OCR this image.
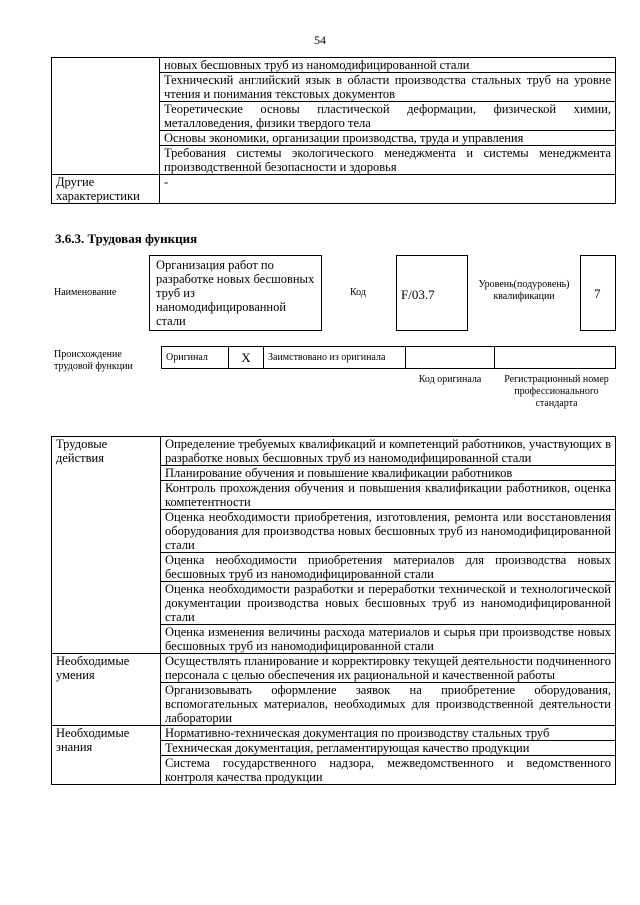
54
	новых бесшовных труб из наномодифицированной стали
	Технический английский язык в области производства стальных труб на уровне чтения и понимания текстовых документов
	Теоретические основы пластической деформации, физической химии, металловедения, физики твердого тела
	Основы экономики, организации производства, труда и управления
	Требования системы экологического менеджмента и системы менеджмента производственной безопасности и здоровья
Другие характеристики	-
3.6.3. Трудовая функция
Наименование
Организация работ по разработке новых бесшовных труб из наномодифицированной стали
Код	F/03.7
Уровень(подуровень) квалификации	7
Происхождение трудовой функции
Оригинал	X	Заимствовано из оригинала		
Код оригинала	Регистрационный номер профессионального стандарта
Трудовые действия	Определение требуемых квалификаций и компетенций работников, участвующих в разработке новых бесшовных труб из наномодифицированной стали
	Планирование обучения и повышение квалификации работников
	Контроль прохождения обучения и повышения квалификации работников, оценка компетентности
	Оценка необходимости приобретения, изготовления, ремонта или восстановления оборудования для производства новых бесшовных труб из наномодифицированной стали
	Оценка необходимости приобретения материалов для производства новых бесшовных труб из наномодифицированной стали
	Оценка необходимости разработки и переработки технической и технологической документации производства новых бесшовных труб из наномодифицированной стали
	Оценка изменения величины расхода материалов и сырья при производстве новых бесшовных труб из наномодифицированной стали
Необходимые умения	Осуществлять планирование и корректировку текущей деятельности подчиненного персонала с целью обеспечения их рациональной и качественной работы
	Организовывать оформление заявок на приобретение оборудования, вспомогательных материалов, необходимых для производственной деятельности лаборатории
Необходимые знания	Нормативно-техническая документация по производству стальных труб
	Техническая документация, регламентирующая качество продукции
	Система государственного надзора, межведомственного и ведомственного контроля качества продукции
